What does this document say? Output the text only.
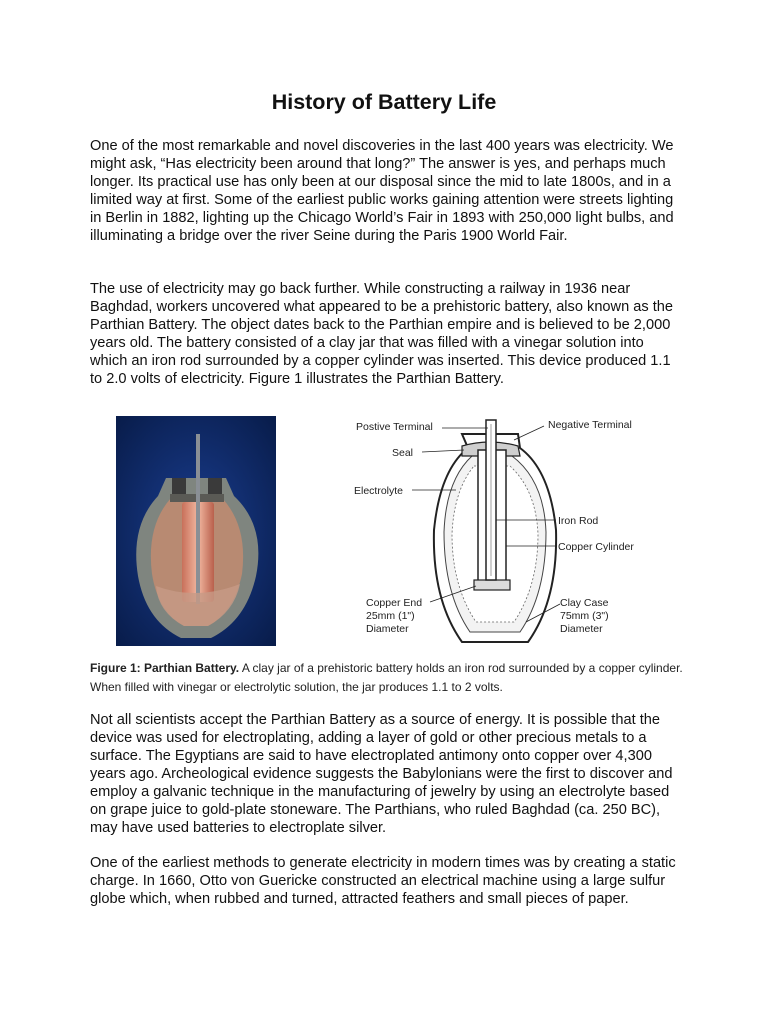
History of Battery Life

One of the most remarkable and novel discoveries in the last 400 years was electricity. We might ask, “Has electricity been around that long?” The answer is yes, and perhaps much longer. Its practical use has only been at our disposal since the mid to late 1800s, and in a limited way at first. Some of the earliest public works gaining attention were streets lighting in Berlin in 1882, lighting up the Chicago World’s Fair in 1893 with 250,000 light bulbs, and illuminating a bridge over the river Seine during the Paris 1900 World Fair.

The use of electricity may go back further. While constructing a railway in 1936 near Baghdad, workers uncovered what appeared to be a prehistoric battery, also known as the Parthian Battery. The object dates back to the Parthian empire and is believed to be 2,000 years old. The battery consisted of a clay jar that was filled with a vinegar solution into which an iron rod surrounded by a copper cylinder was inserted. This device produced 1.1 to 2.0 volts of electricity. Figure 1 illustrates the Parthian Battery.

Postive Terminal	Negative Terminal
Seal
Electrolyte
Iron Rod
Copper Cylinder
Copper End
25mm (1")
Diameter
Clay Case
75mm (3")
Diameter

Figure 1: Parthian Battery. A clay jar of a prehistoric battery holds an iron rod surrounded by a copper cylinder. When filled with vinegar or electrolytic solution, the jar produces 1.1 to 2 volts.

Not all scientists accept the Parthian Battery as a source of energy. It is possible that the device was used for electroplating, adding a layer of gold or other precious metals to a surface. The Egyptians are said to have electroplated antimony onto copper over 4,300 years ago. Archeological evidence suggests the Babylonians were the first to discover and employ a galvanic technique in the manufacturing of jewelry by using an electrolyte based on grape juice to gold-plate stoneware. The Parthians, who ruled Baghdad (ca. 250 BC), may have used batteries to electroplate silver.

One of the earliest methods to generate electricity in modern times was by creating a static charge. In 1660, Otto von Guericke constructed an electrical machine using a large sulfur globe which, when rubbed and turned, attracted feathers and small pieces of paper.
